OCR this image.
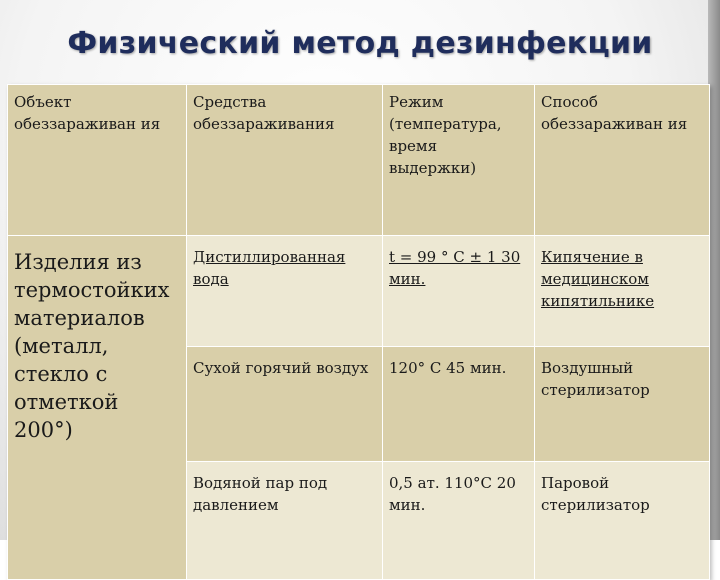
Физический метод дезинфекции
Объект обеззараживан ия	Средства обеззараживания	Режим (температура, время выдержки)	Способ обеззараживан ия
Изделия из термостойких материалов (металл, стекло с отметкой 200°)	Дистиллированная вода	t = 99 ° C ± 1 30 мин.	Кипячение в медицинском кипятильнике
	Сухой горячий воздух	120° С 45 мин.	Воздушный стерилизатор
	Водяной пар под давлением	0,5 ат. 110°С 20 мин.	Паровой стерилизатор
